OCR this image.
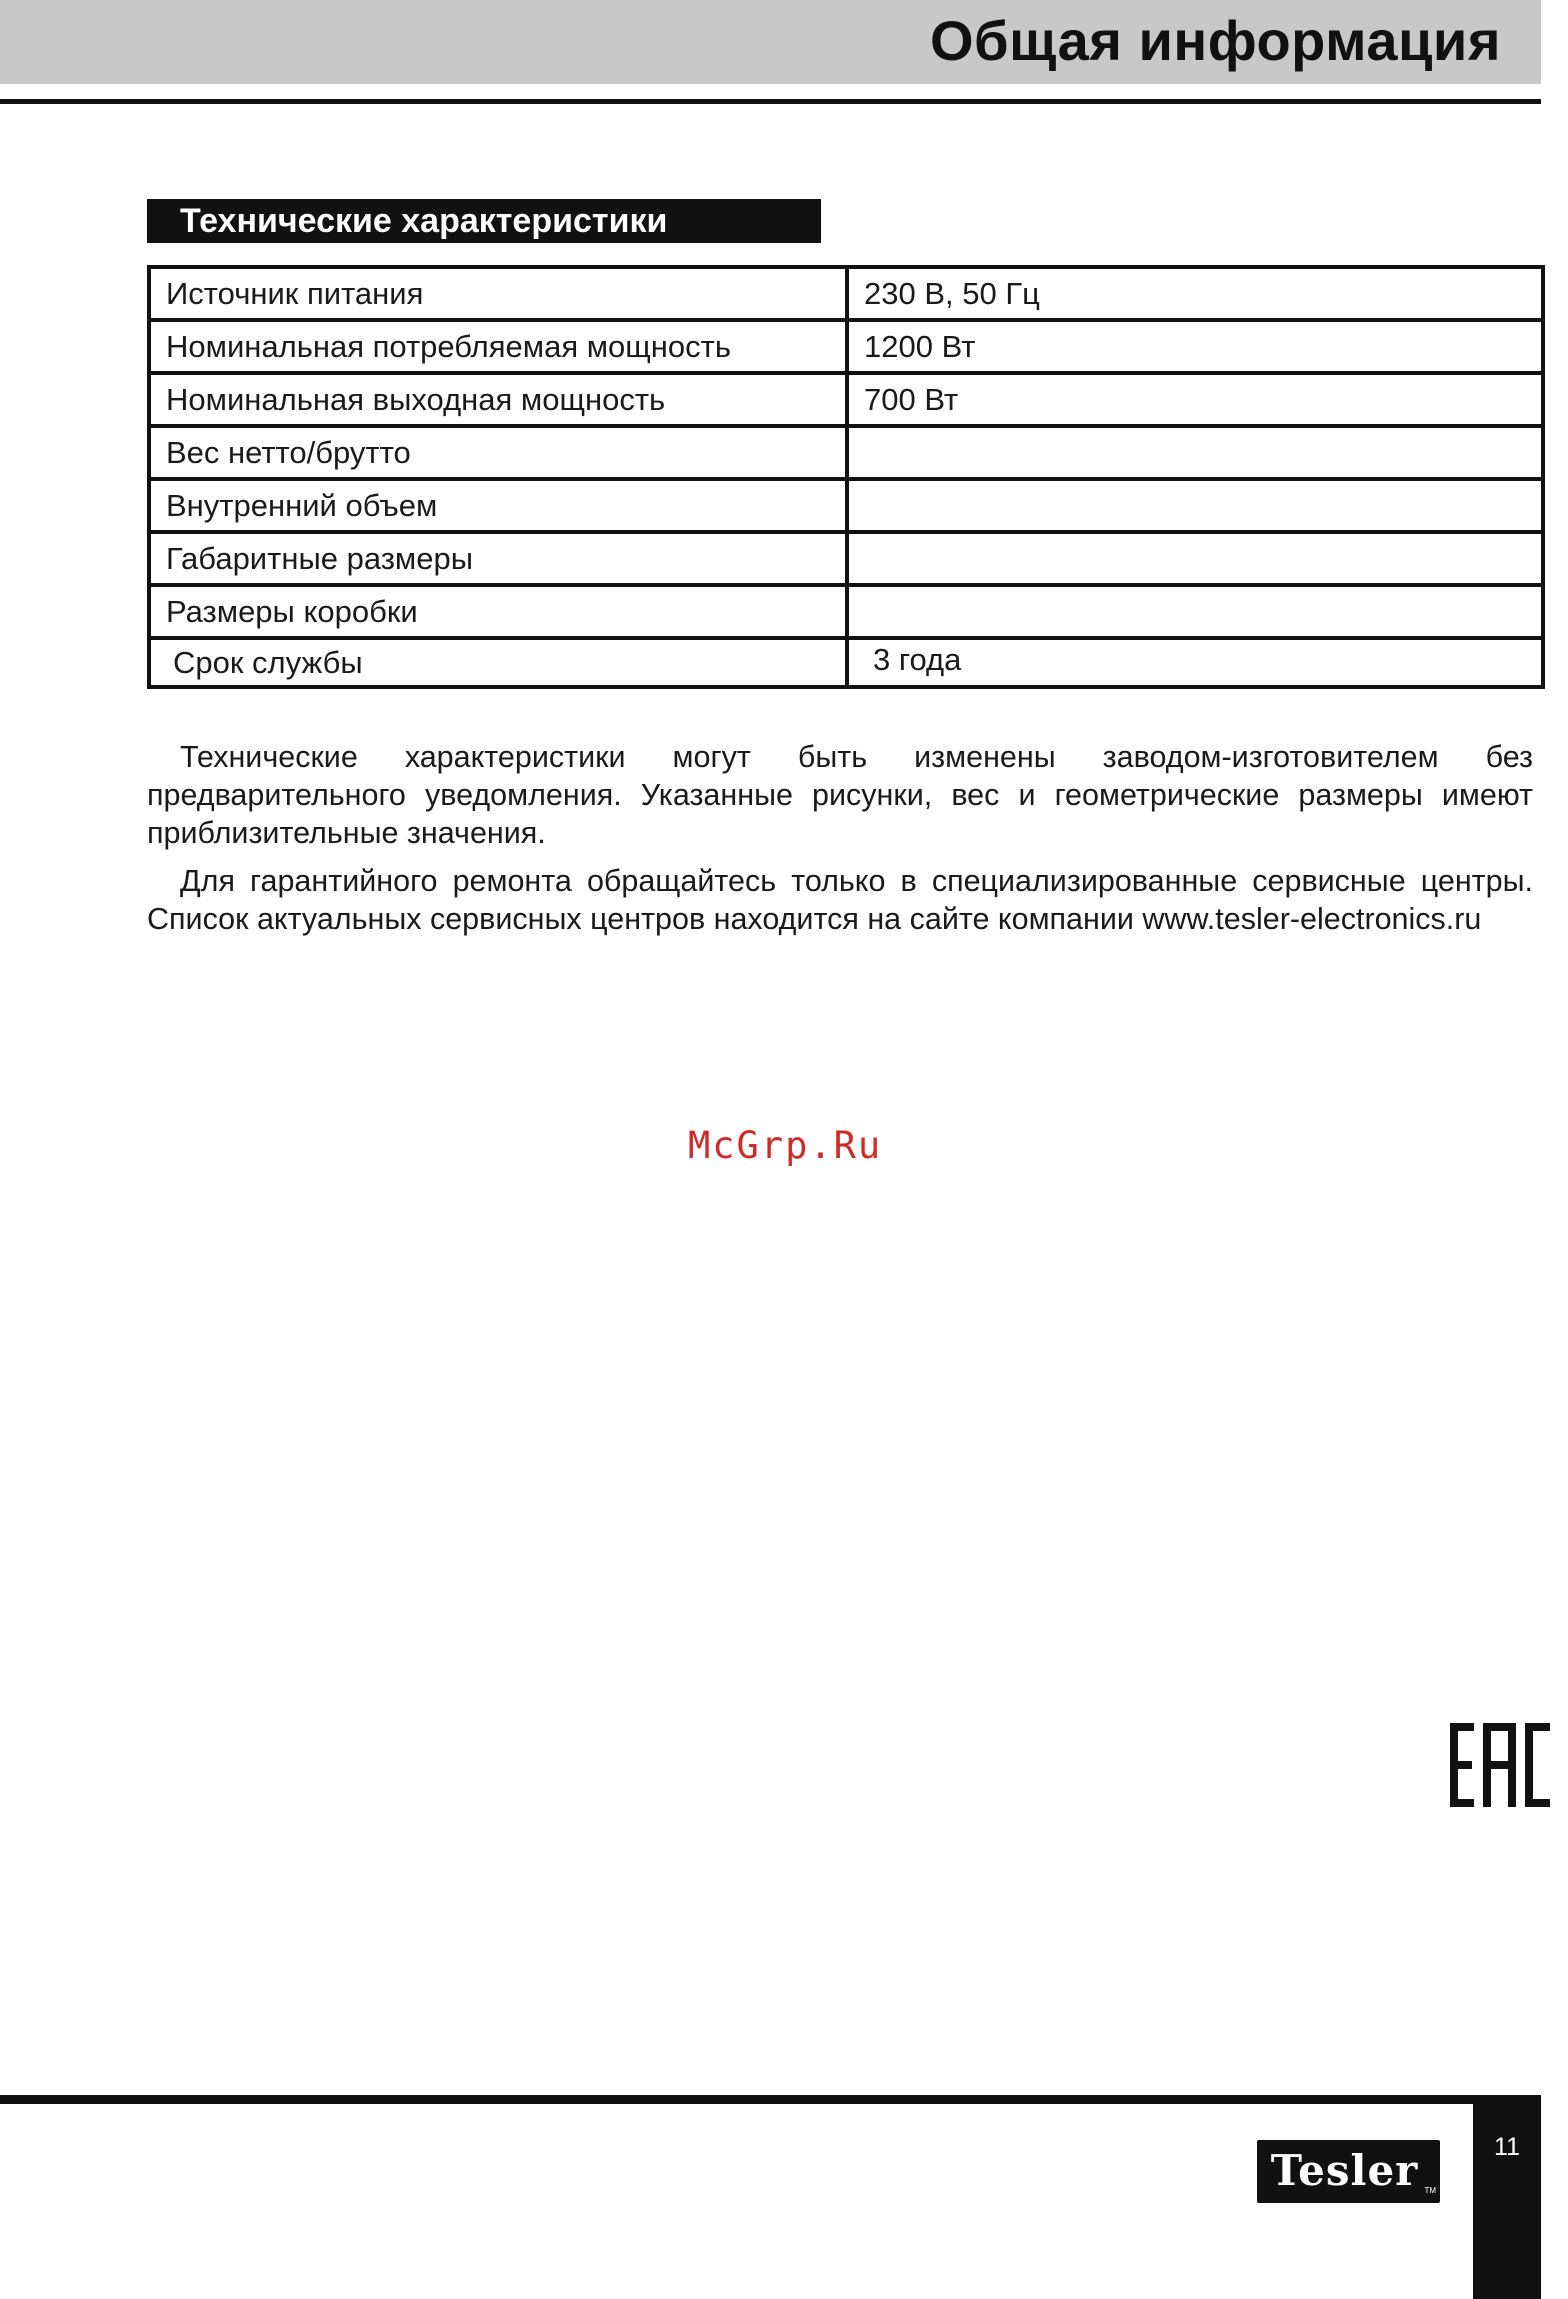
Общая информация
Технические характеристики
Источник питания	230 В, 50 Гц
Номинальная потребляемая мощность	1200 Вт
Номинальная выходная мощность	700 Вт
Вес нетто/брутто	
Внутренний объем	
Габаритные размеры	
Размеры коробки	
Срок службы	3 года

Технические характеристики могут быть изменены заводом-изготовителем без предварительного уведомления. Указанные рисунки, вес и геометрические размеры имеют приблизительные значения.

Для гарантийного ремонта обращайтесь только в специализированные сервисные центры. Список актуальных сервисных центров находится на сайте компании www.tesler-electronics.ru

McGrp.Ru
11
Tesler TM
